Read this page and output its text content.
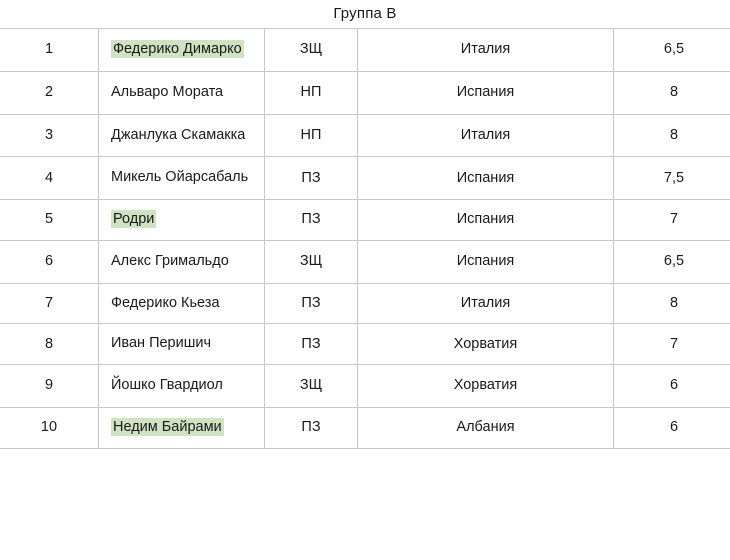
Группа B
1	Федерико Димарко	ЗЩ	Италия	6,5

2	Альваро Мората	НП	Испания	8

3	Джанлука Скамакка	НП	Италия	8

4	Микель Ойарсабаль	ПЗ	Испания	7,5

5	Родри	ПЗ	Испания	7

6	Алекс Гримальдо	ЗЩ	Испания	6,5

7	Федерико Кьеза	ПЗ	Италия	8

8	Иван Перишич	ПЗ	Хорватия	7

9	Йошко Гвардиол	ЗЩ	Хорватия	6

10	Недим Байрами	ПЗ	Албания	6
